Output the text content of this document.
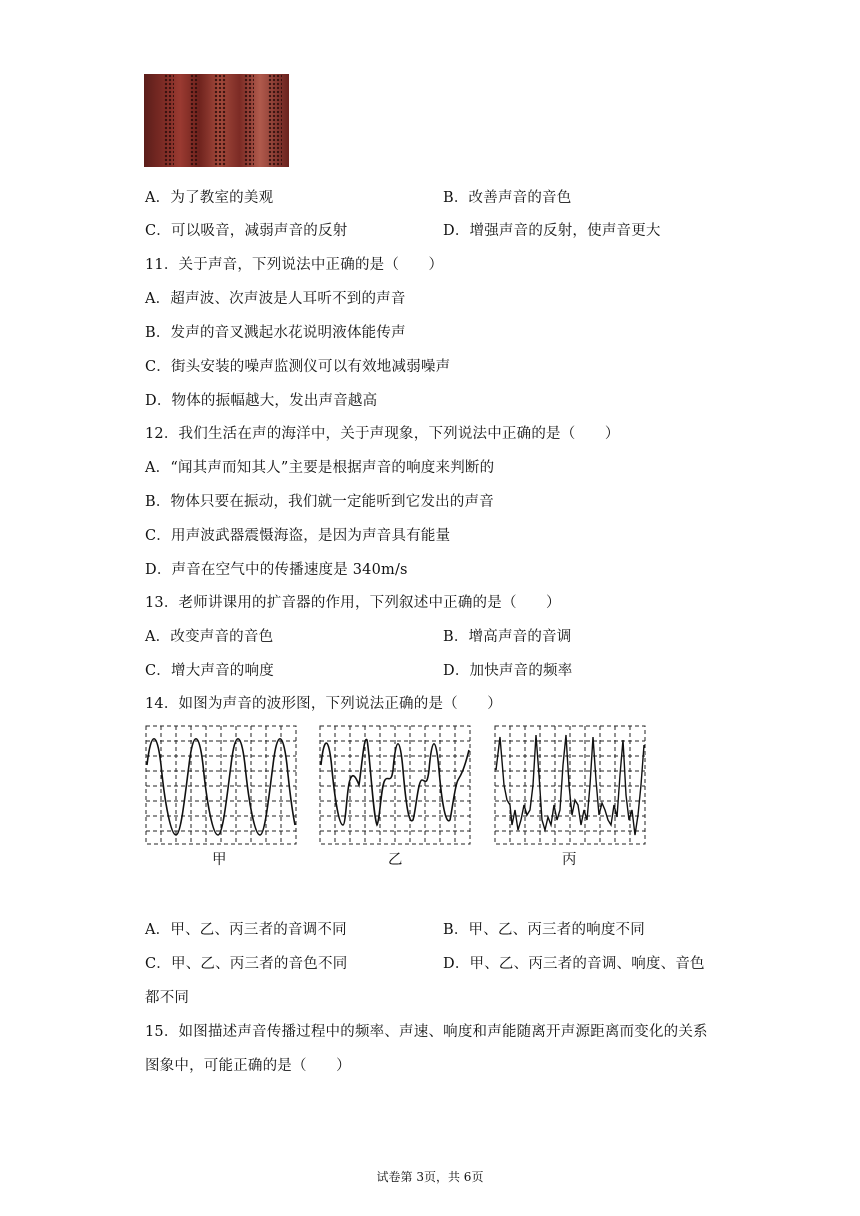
A．为了教室的美观	B．改善声音的音色
C．可以吸音，减弱声音的反射	D．增强声音的反射，使声音更大
11．关于声音，下列说法中正确的是（　　）
A．超声波、次声波是人耳听不到的声音
B．发声的音叉溅起水花说明液体能传声
C．街头安装的噪声监测仪可以有效地减弱噪声
D．物体的振幅越大，发出声音越高
12．我们生活在声的海洋中，关于声现象，下列说法中正确的是（　　）
A．“闻其声而知其人”主要是根据声音的响度来判断的
B．物体只要在振动，我们就一定能听到它发出的声音
C．用声波武器震慑海盗，是因为声音具有能量
D．声音在空气中的传播速度是 340m/s
13．老师讲课用的扩音器的作用，下列叙述中正确的是（　　）
A．改变声音的音色	B．增高声音的音调
C．增大声音的响度	D．加快声音的频率
14．如图为声音的波形图，下列说法正确的是（　　）
甲	乙	丙
A．甲、乙、丙三者的音调不同	B．甲、乙、丙三者的响度不同
C．甲、乙、丙三者的音色不同	D．甲、乙、丙三者的音调、响度、音色
都不同
15．如图描述声音传播过程中的频率、声速、响度和声能随离开声源距离而变化的关系
图象中，可能正确的是（　　）
试卷第 3页，共 6页
